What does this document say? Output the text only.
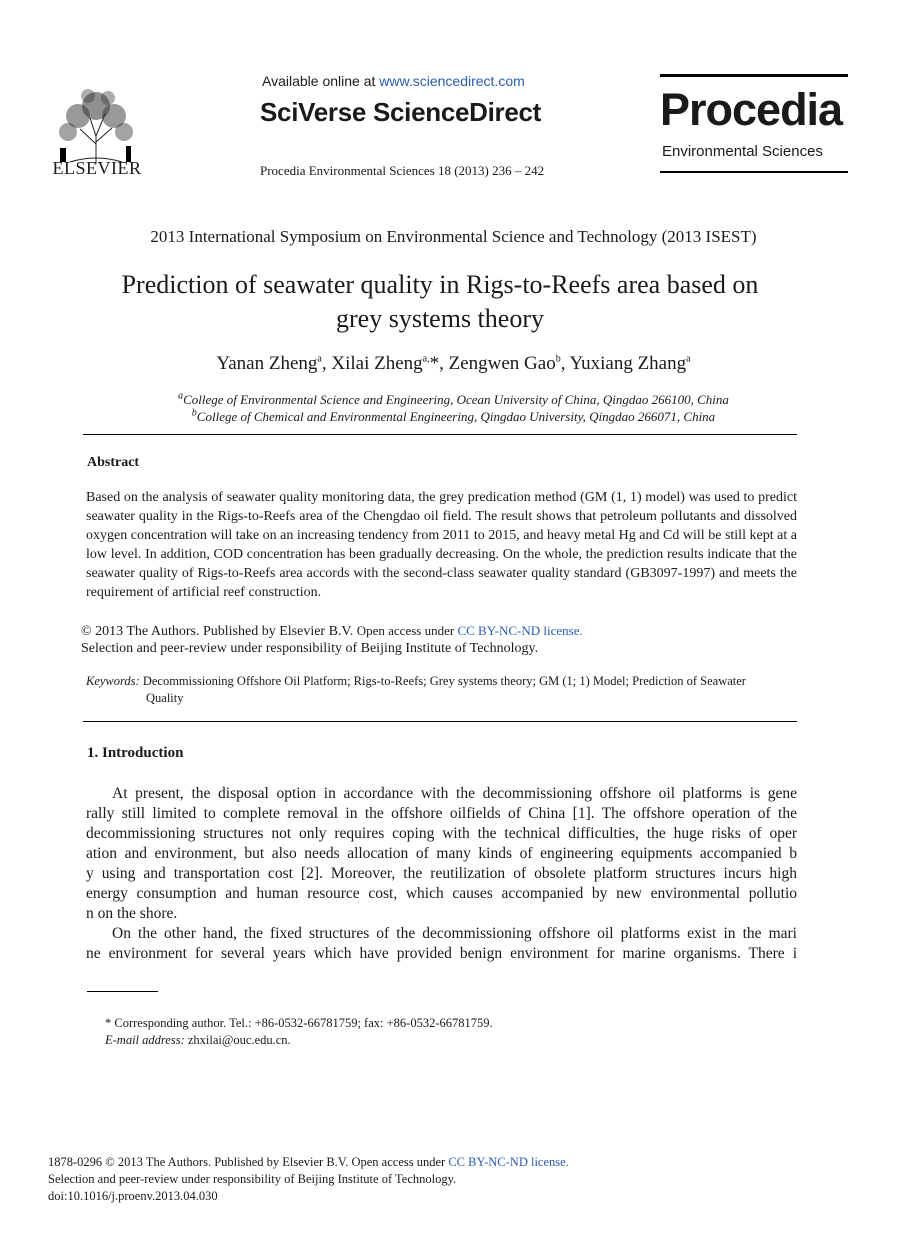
ELSEVIER
Available online at www.sciencedirect.com
SciVerse ScienceDirect
Procedia Environmental Sciences 18 (2013) 236 – 242
Procedia
Environmental Sciences
2013 International Symposium on Environmental Science and Technology (2013 ISEST)
Prediction of seawater quality in Rigs-to-Reefs area based on
grey systems theory
Yanan Zheng$^a$, Xilai Zheng$^{a,}$*, Zengwen Gao$^b$, Yuxiang Zhang$^a$
$^a$College of Environmental Science and Engineering, Ocean University of China, Qingdao 266100, China
$^b$College of Chemical and Environmental Engineering, Qingdao University, Qingdao 266071, China
Abstract
Based on the analysis of seawater quality monitoring data, the grey predication method (GM (1, 1) model) was used to predict seawater quality in the Rigs-to-Reefs area of the Chengdao oil field. The result shows that petroleum pollutants and dissolved oxygen concentration will take on an increasing tendency from 2011 to 2015, and heavy metal Hg and Cd will be still kept at a low level. In addition, COD concentration has been gradually decreasing. On the whole, the prediction results indicate that the seawater quality of Rigs-to-Reefs area accords with the second-class seawater quality standard (GB3097-1997) and meets the requirement of artificial reef construction.
© 2013 The Authors. Published by Elsevier B.V. Open access under CC BY-NC-ND license.
Selection and peer-review under responsibility of Beijing Institute of Technology.
Keywords: Decommissioning Offshore Oil Platform; Rigs-to-Reefs; Grey systems theory; GM (1; 1) Model; Prediction of Seawater
Quality
1. Introduction
At present, the disposal option in accordance with the decommissioning offshore oil platforms is gene
rally still limited to complete removal in the offshore oilfields of China [1]. The offshore operation of the
decommissioning structures not only requires coping with the technical difficulties, the huge risks of oper
ation and environment, but also needs allocation of many kinds of engineering equipments accompanied b
y using and transportation cost [2]. Moreover, the reutilization of obsolete platform structures incurs high
energy consumption and human resource cost, which causes accompanied by new environmental pollutio
n on the shore.
On the other hand, the fixed structures of the decommissioning offshore oil platforms exist in the mari
ne environment for several years which have provided benign environment for marine organisms. There i
* Corresponding author. Tel.: +86-0532-66781759; fax: +86-0532-66781759.
E-mail address: zhxilai@ouc.edu.cn.
1878-0296 © 2013 The Authors. Published by Elsevier B.V. Open access under CC BY-NC-ND license.
Selection and peer-review under responsibility of Beijing Institute of Technology.
doi:10.1016/j.proenv.2013.04.030
